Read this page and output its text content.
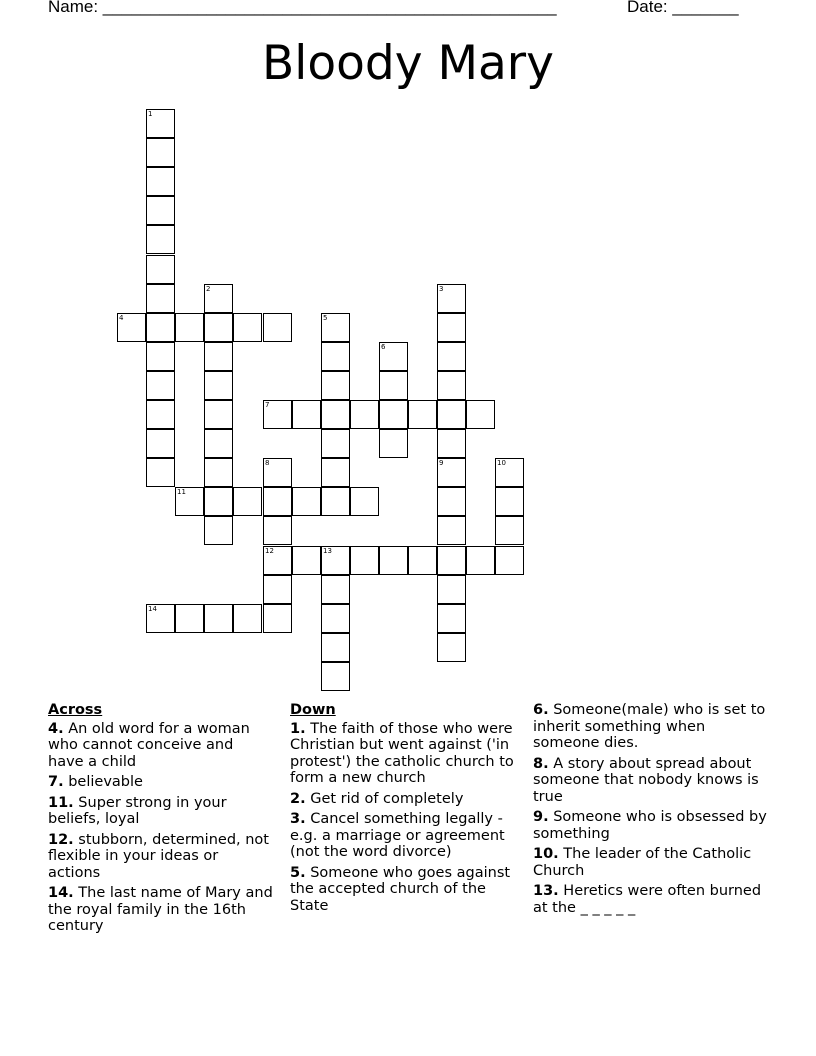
Name: ________________________________________________	Date: _______
Bloody Mary
1
2	3
9
4	5
6
7
8
12
10
11
13
14
Across
4. An old word for a woman who cannot conceive and have a child
7. believable
11. Super strong in your beliefs, loyal
12. stubborn, determined, not flexible in your ideas or actions
14. The last name of Mary and the royal family in the 16th century
Down
1. The faith of those who were Christian but went against ('in protest') the catholic church to form a new church
2. Get rid of completely
3. Cancel something legally - e.g. a marriage or agreement (not the word divorce)
5. Someone who goes against the accepted church of the State
6. Someone(male) who is set to inherit something when someone dies.
8. A story about spread about someone that nobody knows is true
9. Someone who is obsessed by something
10. The leader of the Catholic Church
13. Heretics were often burned at the _ _ _ _ _
